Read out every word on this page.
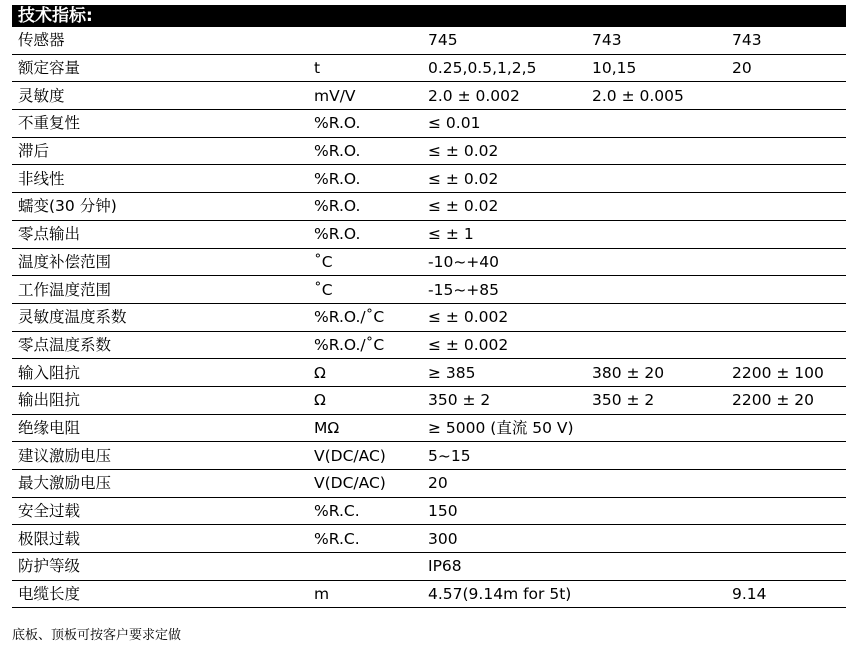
技术指标:				

传感器		745	743	743
额定容量	t	0.25,0.5,1,2,5	10,15	20
灵敏度	mV/V	2.0 ± 0.002	2.0 ± 0.005	
不重复性	%R.O.	≤ 0.01		
滞后	%R.O.	≤ ± 0.02		
非线性	%R.O.	≤ ± 0.02		
蠕变(30 分钟)	%R.O.	≤ ± 0.02		
零点输出	%R.O.	≤ ± 1		
温度补偿范围	˚C	-10~+40		
工作温度范围	˚C	-15~+85		
灵敏度温度系数	%R.O./˚C	≤ ± 0.002		
零点温度系数	%R.O./˚C	≤ ± 0.002		
输入阻抗	Ω	≥ 385	380 ± 20	2200 ± 100
输出阻抗	Ω	350 ± 2	350 ± 2	2200 ± 20
绝缘电阻	MΩ	≥ 5000 (直流 50 V)		
建议激励电压	V(DC/AC)	5~15		
最大激励电压	V(DC/AC)	20		
安全过载	%R.C.	150		
极限过载	%R.C.	300		
防护等级		IP68		
电缆长度	m	4.57(9.14m for 5t)		9.14
底板、顶板可按客户要求定做
